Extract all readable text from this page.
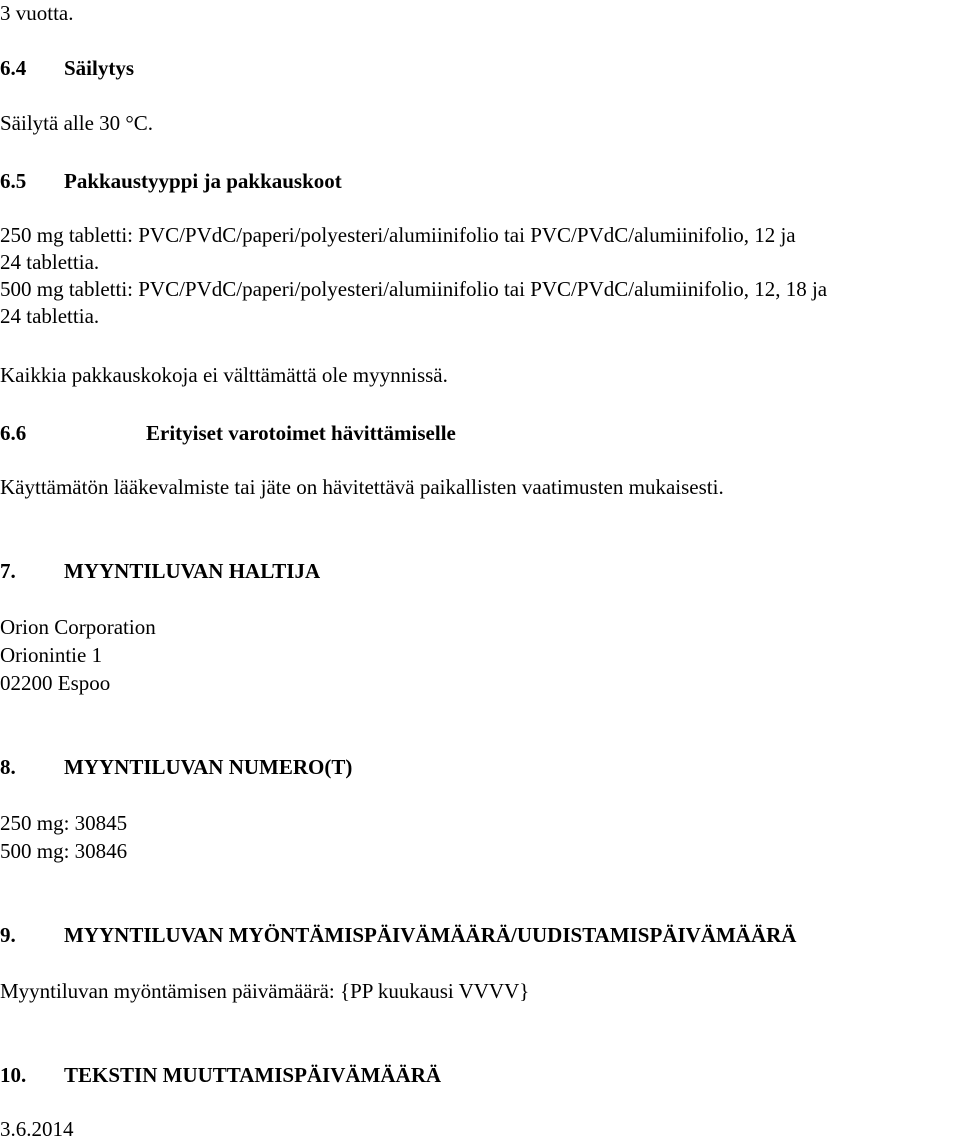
3 vuotta.
6.4 Säilytys
Säilytä alle 30 °C.
6.5 Pakkaustyyppi ja pakkauskoot
250 mg tabletti: PVC/PVdC/paperi/polyesteri/alumiinifolio tai PVC/PVdC/alumiinifolio, 12 ja
24 tablettia.
500 mg tabletti: PVC/PVdC/paperi/polyesteri/alumiinifolio tai PVC/PVdC/alumiinifolio, 12, 18 ja
24 tablettia.
Kaikkia pakkauskokoja ei välttämättä ole myynnissä.
6.6	Erityiset varotoimet hävittämiselle
Käyttämätön lääkevalmiste tai jäte on hävitettävä paikallisten vaatimusten mukaisesti.
7. MYYNTILUVAN HALTIJA
Orion Corporation
Orionintie 1
02200 Espoo
8. MYYNTILUVAN NUMERO(T)
250 mg: 30845
500 mg: 30846
9. MYYNTILUVAN MYÖNTÄMISPÄIVÄMÄÄRÄ/UUDISTAMISPÄIVÄMÄÄRÄ
Myyntiluvan myöntämisen päivämäärä: {PP kuukausi VVVV}
10. TEKSTIN MUUTTAMISPÄIVÄMÄÄRÄ
3.6.2014
